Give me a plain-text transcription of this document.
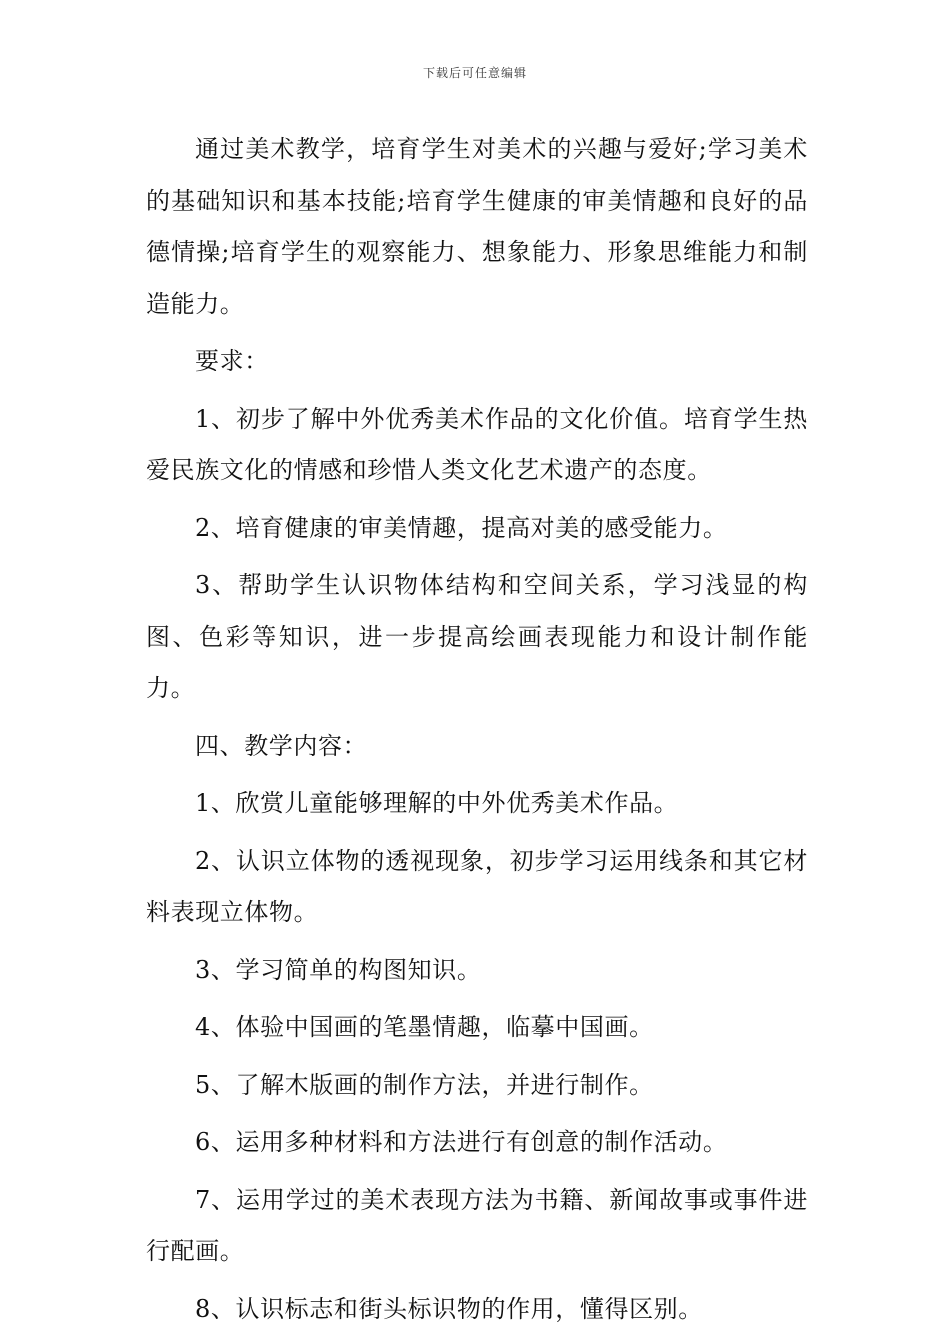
下载后可任意编辑

通过美术教学，培育学生对美术的兴趣与爱好;学习美术的基础知识和基本技能;培育学生健康的审美情趣和良好的品德情操;培育学生的观察能力、想象能力、形象思维能力和制造能力。

要求：

1、初步了解中外优秀美术作品的文化价值。培育学生热爱民族文化的情感和珍惜人类文化艺术遗产的态度。

2、培育健康的审美情趣，提高对美的感受能力。

3、帮助学生认识物体结构和空间关系，学习浅显的构图、色彩等知识，进一步提高绘画表现能力和设计制作能力。

四、教学内容：

1、欣赏儿童能够理解的中外优秀美术作品。

2、认识立体物的透视现象，初步学习运用线条和其它材料表现立体物。

3、学习简单的构图知识。

4、体验中国画的笔墨情趣，临摹中国画。

5、了解木版画的制作方法，并进行制作。

6、运用多种材料和方法进行有创意的制作活动。

7、运用学过的美术表现方法为书籍、新闻故事或事件进行配画。

8、认识标志和街头标识物的作用，懂得区别。
